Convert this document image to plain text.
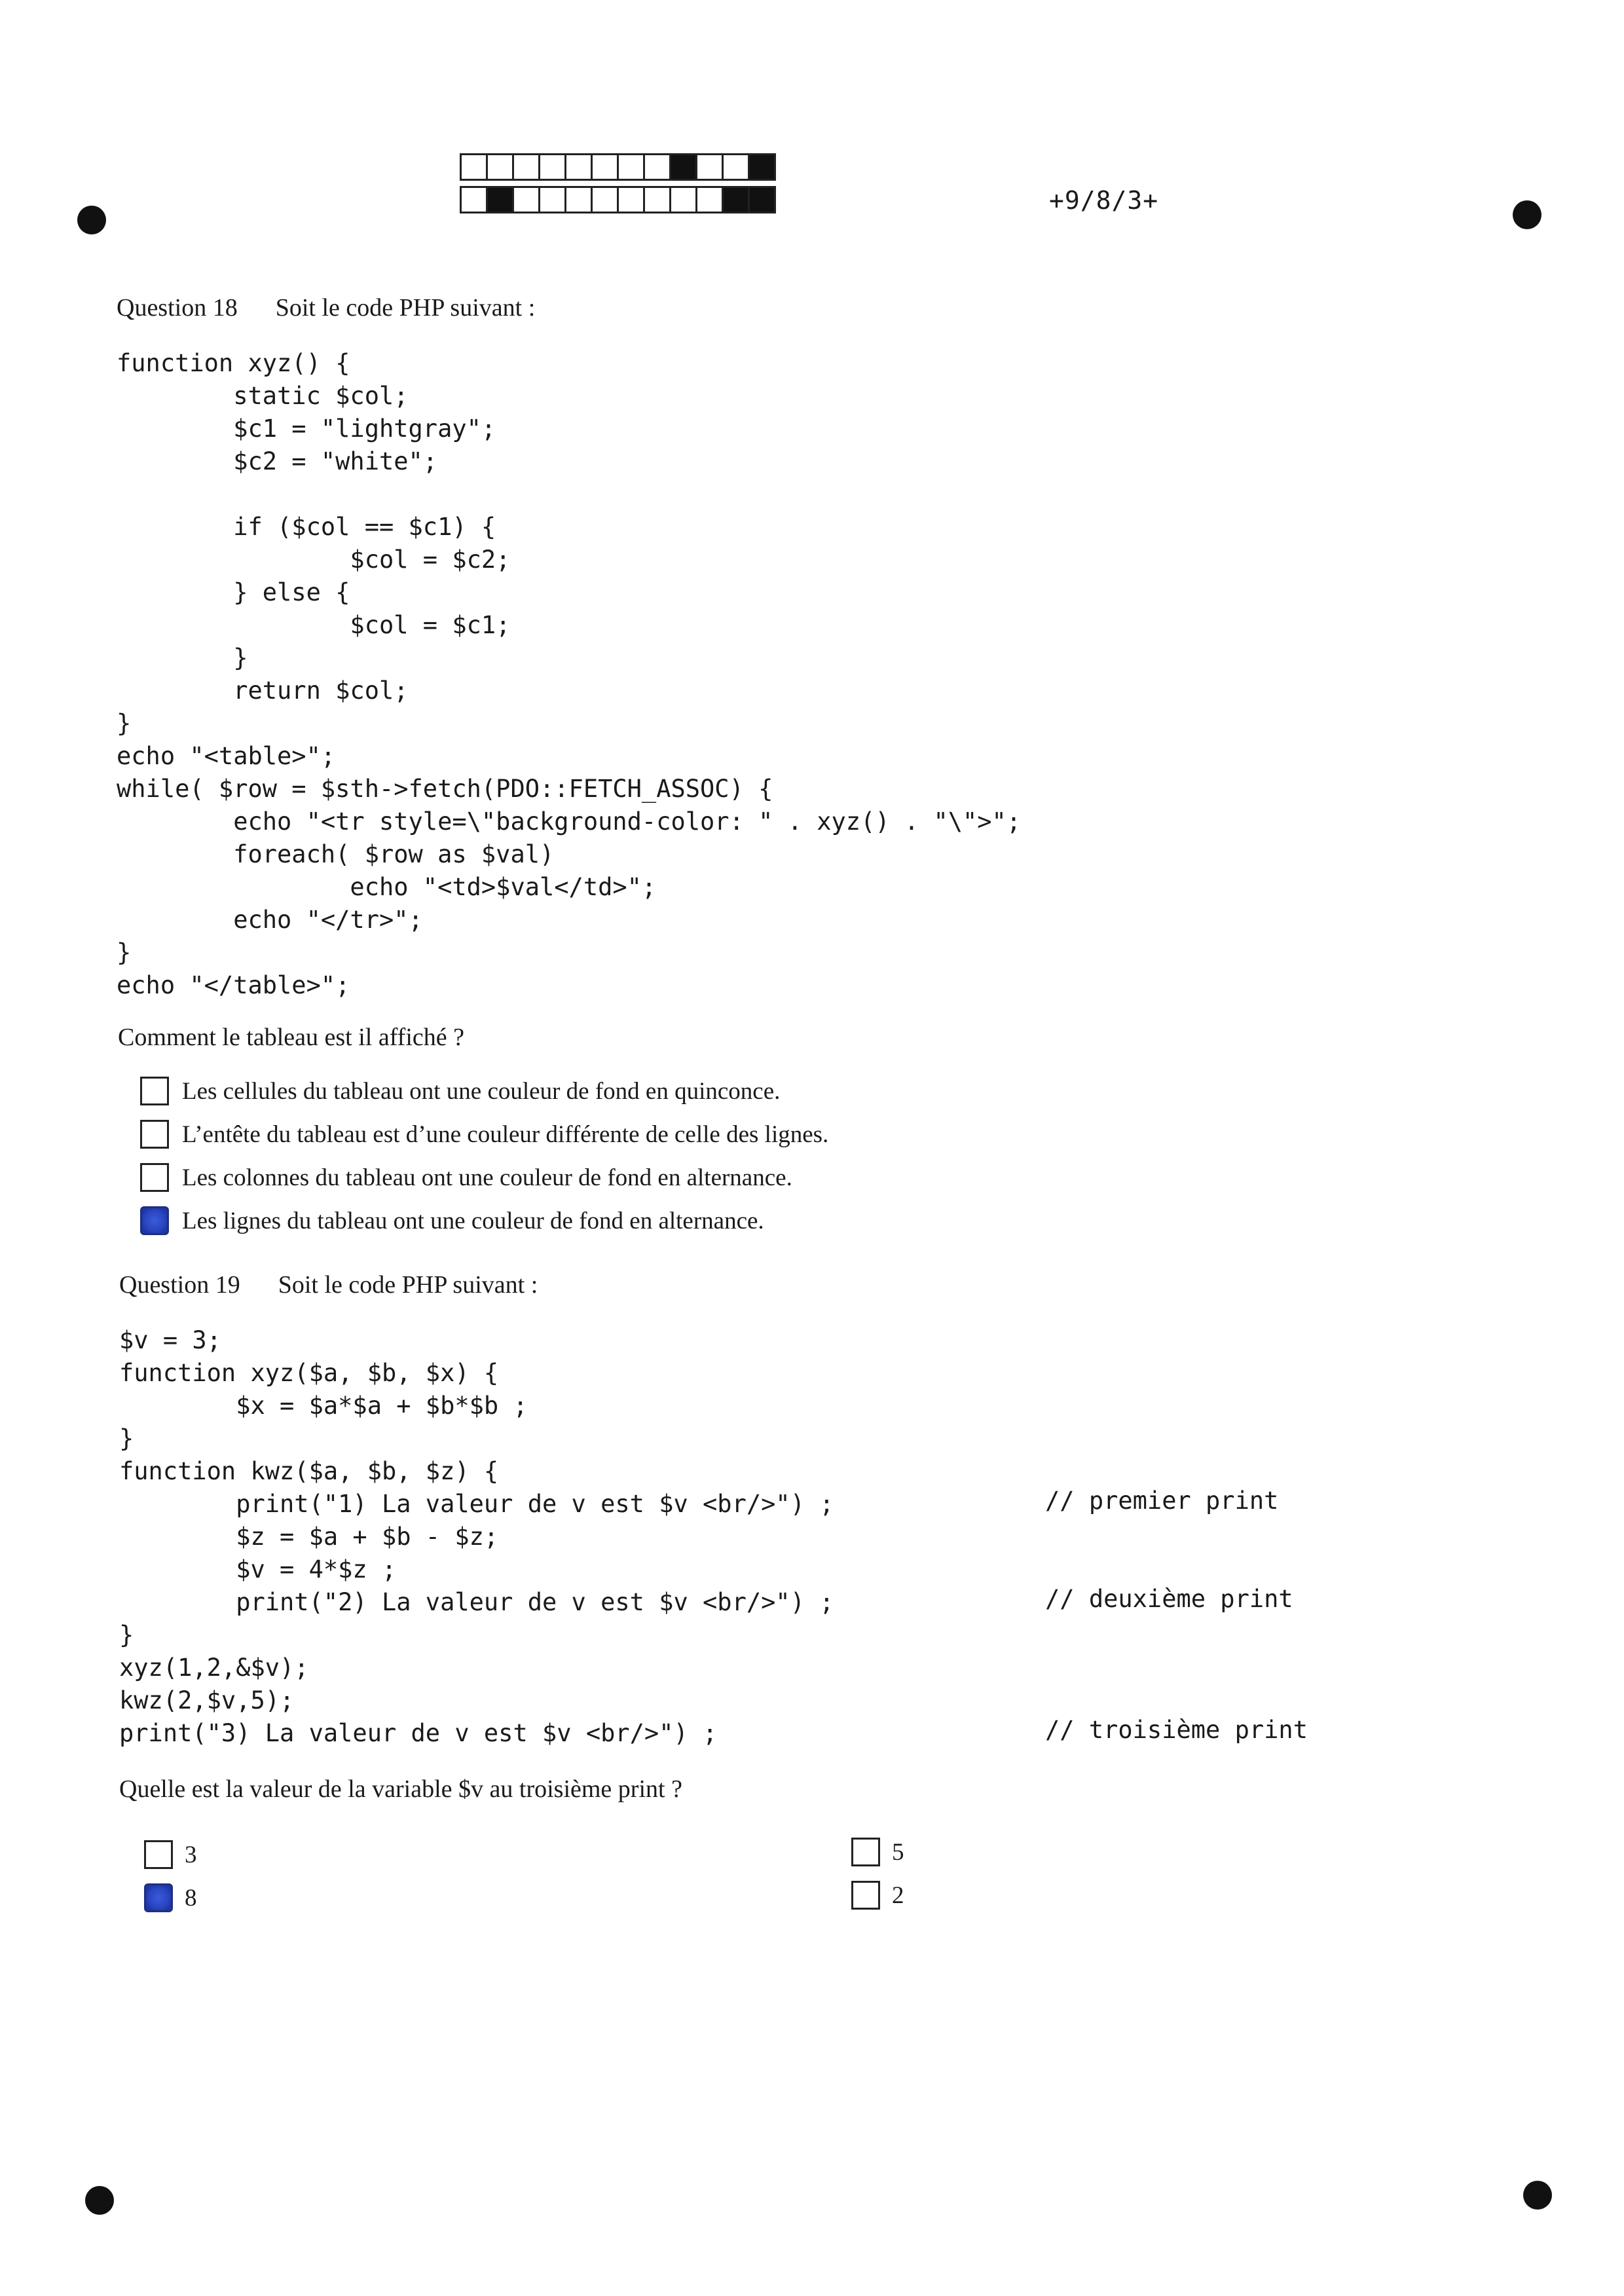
+9/8/3+
Question 18 Soit le code PHP suivant :
function xyz() {
static $col;
$c1 = "lightgray";
$c2 = "white";

if ($col == $c1) {
$col = $c2;
} else {
$col = $c1;
}
return $col;
}
echo "<table>";
while( $row = $sth->fetch(PDO::FETCH_ASSOC) {
echo "<tr style=\"background-color: " . xyz() . "\">";
foreach( $row as $val)
echo "<td>$val</td>";
echo "</tr>";
}
echo "</table>";
Comment le tableau est il affiché ?
Les cellules du tableau ont une couleur de fond en quinconce.
L’entête du tableau est d’une couleur différente de celle des lignes.
Les colonnes du tableau ont une couleur de fond en alternance.
Les lignes du tableau ont une couleur de fond en alternance.
Question 19 Soit le code PHP suivant :
$v = 3;
function xyz($a, $b, $x) {
$x = $a*$a + $b*$b ;
}
function kwz($a, $b, $z) {
print("1) La valeur de v est $v <br/>") ;
$z = $a + $b - $z;
$v = 4*$z ;
print("2) La valeur de v est $v <br/>") ;
}
xyz(1,2,&$v);
kwz(2,$v,5);
print("3) La valeur de v est $v <br/>") ;
// premier print
// deuxième print
// troisième print
Quelle est la valeur de la variable $v au troisième print ?
3
8
5
2
